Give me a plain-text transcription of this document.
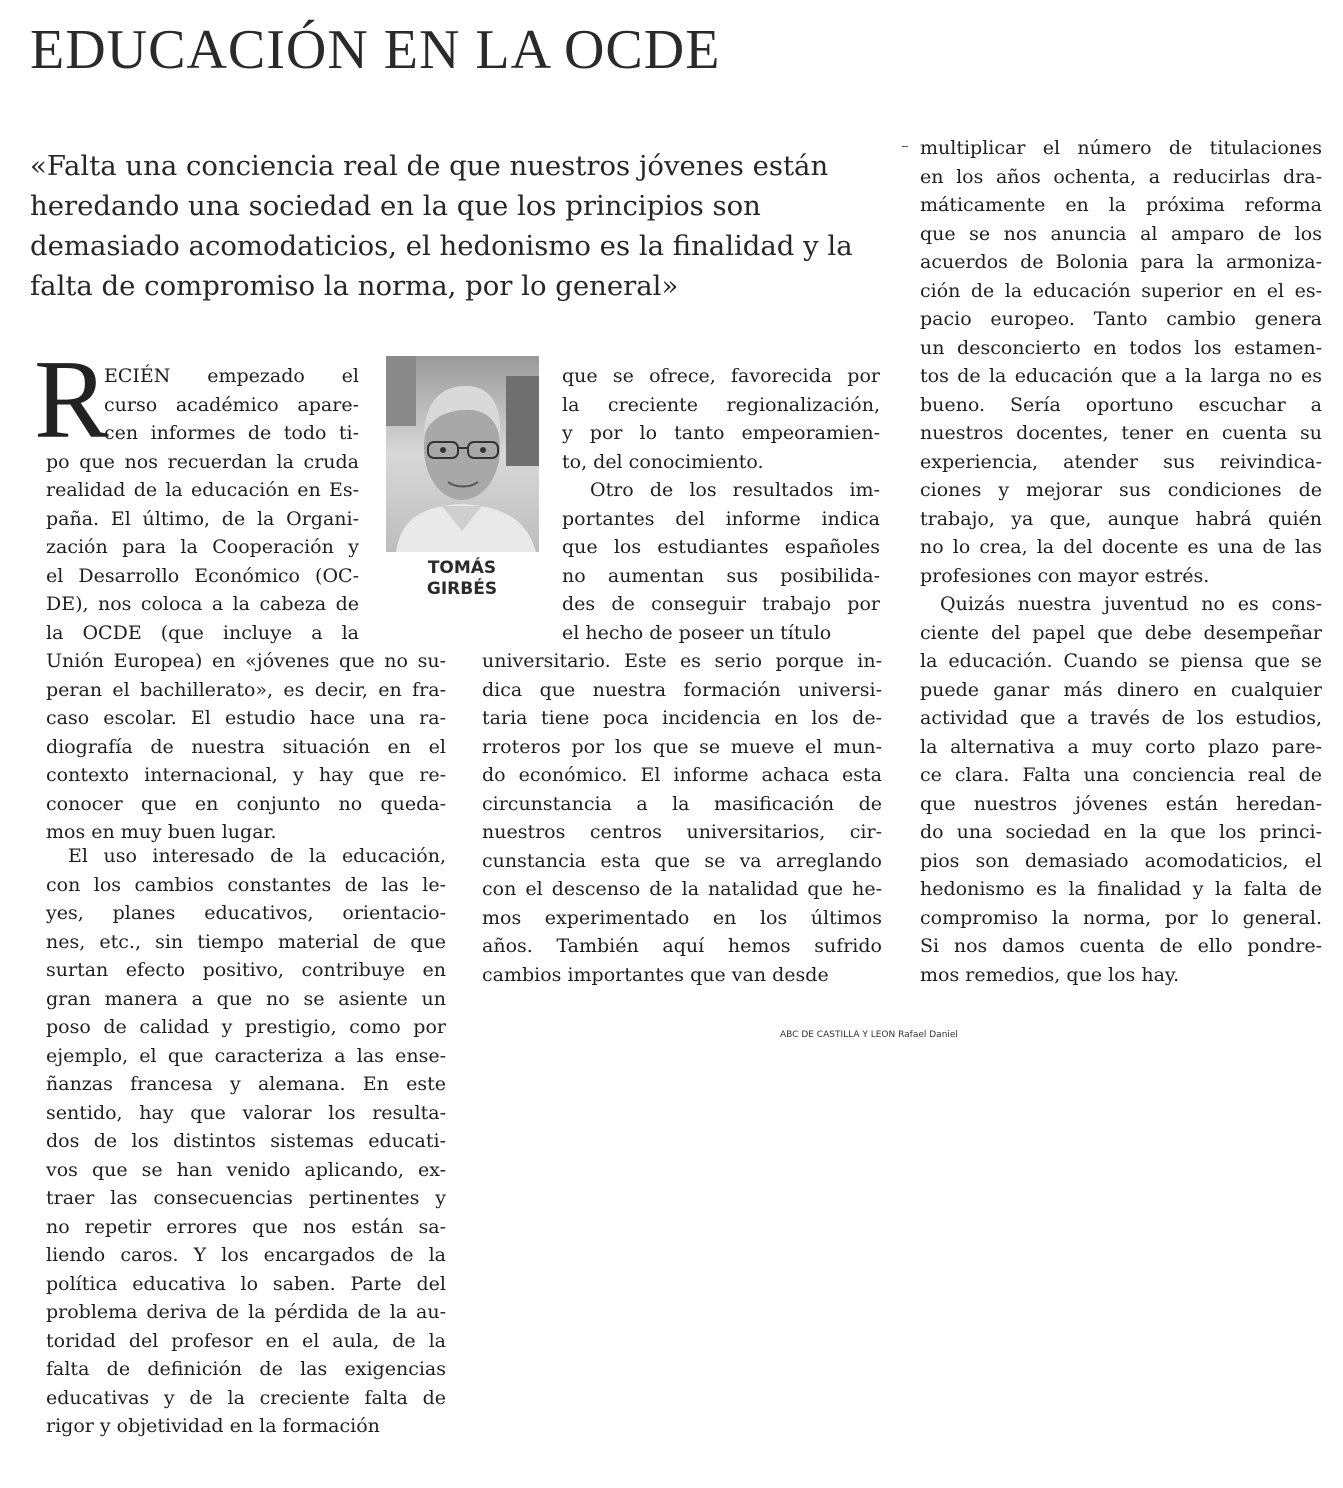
EDUCACIÓN EN LA OCDE

«Falta una conciencia real de que nuestros jóvenes están heredando una sociedad en la que los principios son demasiado acomodaticios, el hedonismo es la finalidad y la falta de compromiso la norma, por lo general»

R
TOMÁS
GIRBÉS
ECIÉN empezado el
curso académico apare-
cen informes de todo ti-
po que nos recuerdan la cruda
realidad de la educación en Es-
paña. El último, de la Organi-
zación para la Cooperación y
el Desarrollo Económico (OC-
DE), nos coloca a la cabeza de
la OCDE (que incluye a la
Unión Europea) en «jóvenes que no su-
peran el bachillerato», es decir, en fra-
caso escolar. El estudio hace una ra-
diografía de nuestra situación en el
contexto internacional, y hay que re-
conocer que en conjunto no queda-
mos en muy buen lugar.
El uso interesado de la educación,
con los cambios constantes de las le-
yes, planes educativos, orientacio-
nes, etc., sin tiempo material de que
surtan efecto positivo, contribuye en
gran manera a que no se asiente un
poso de calidad y prestigio, como por
ejemplo, el que caracteriza a las ense-
ñanzas francesa y alemana. En este
sentido, hay que valorar los resulta-
dos de los distintos sistemas educati-
vos que se han venido aplicando, ex-
traer las consecuencias pertinentes y
no repetir errores que nos están sa-
liendo caros. Y los encargados de la
política educativa lo saben. Parte del
problema deriva de la pérdida de la au-
toridad del profesor en el aula, de la
falta de definición de las exigencias
educativas y de la creciente falta de
rigor y objetividad en la formación
que se ofrece, favorecida por
la creciente regionalización,
y por lo tanto empeoramien-
to, del conocimiento.
Otro de los resultados im-
portantes del informe indica
que los estudiantes españoles
no aumentan sus posibilida-
des de conseguir trabajo por
el hecho de poseer un título
universitario. Este es serio porque in-
dica que nuestra formación universi-
taria tiene poca incidencia en los de-
rroteros por los que se mueve el mun-
do económico. El informe achaca esta
circunstancia a la masificación de
nuestros centros universitarios, cir-
cunstancia esta que se va arreglando
con el descenso de la natalidad que he-
mos experimentado en los últimos
años. También aquí hemos sufrido
cambios importantes que van desde
multiplicar el número de titulaciones
en los años ochenta, a reducirlas dra-
máticamente en la próxima reforma
que se nos anuncia al amparo de los
acuerdos de Bolonia para la armoniza-
ción de la educación superior en el es-
pacio europeo. Tanto cambio genera
un desconcierto en todos los estamen-
tos de la educación que a la larga no es
bueno. Sería oportuno escuchar a
nuestros docentes, tener en cuenta su
experiencia, atender sus reivindica-
ciones y mejorar sus condiciones de
trabajo, ya que, aunque habrá quién
no lo crea, la del docente es una de las
profesiones con mayor estrés.
Quizás nuestra juventud no es cons-
ciente del papel que debe desempeñar
la educación. Cuando se piensa que se
puede ganar más dinero en cualquier
actividad que a través de los estudios,
la alternativa a muy corto plazo pare-
ce clara. Falta una conciencia real de
que nuestros jóvenes están heredan-
do una sociedad en la que los princi-
pios son demasiado acomodaticios, el
hedonismo es la finalidad y la falta de
compromiso la norma, por lo general.
Si nos damos cuenta de ello pondre-
mos remedios, que los hay.
ABC DE CASTILLA Y LEÓN Rafael Daniel
